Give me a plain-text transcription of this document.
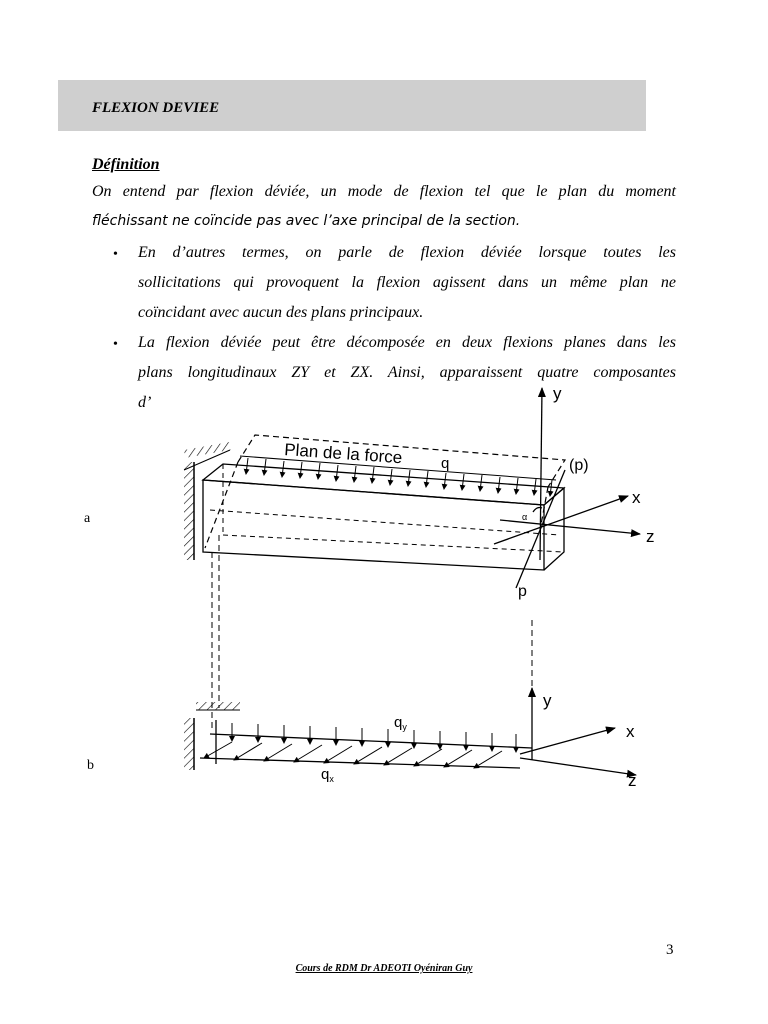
FLEXION DEVIEE
Définition
On entend par flexion déviée, un mode de flexion tel que le plan du moment
fléchissant ne coïncide pas avec l’axe principal de la section.
• En d’autres termes, on parle de flexion déviée lorsque toutes les
sollicitations qui provoquent la flexion agissent dans un même plan ne
coïncidant avec aucun des plans principaux.
• La flexion déviée peut être décomposée en deux flexions planes dans les
plans longitudinaux ZY et ZX. Ainsi, apparaissent quatre composantes
d’
a
b
y
x
z
(p)
p
α
Plan de la force	q
y
x
z
$q_y$
$q_x$
3
Cours de RDM Dr ADEOTI Oyéniran Guy
